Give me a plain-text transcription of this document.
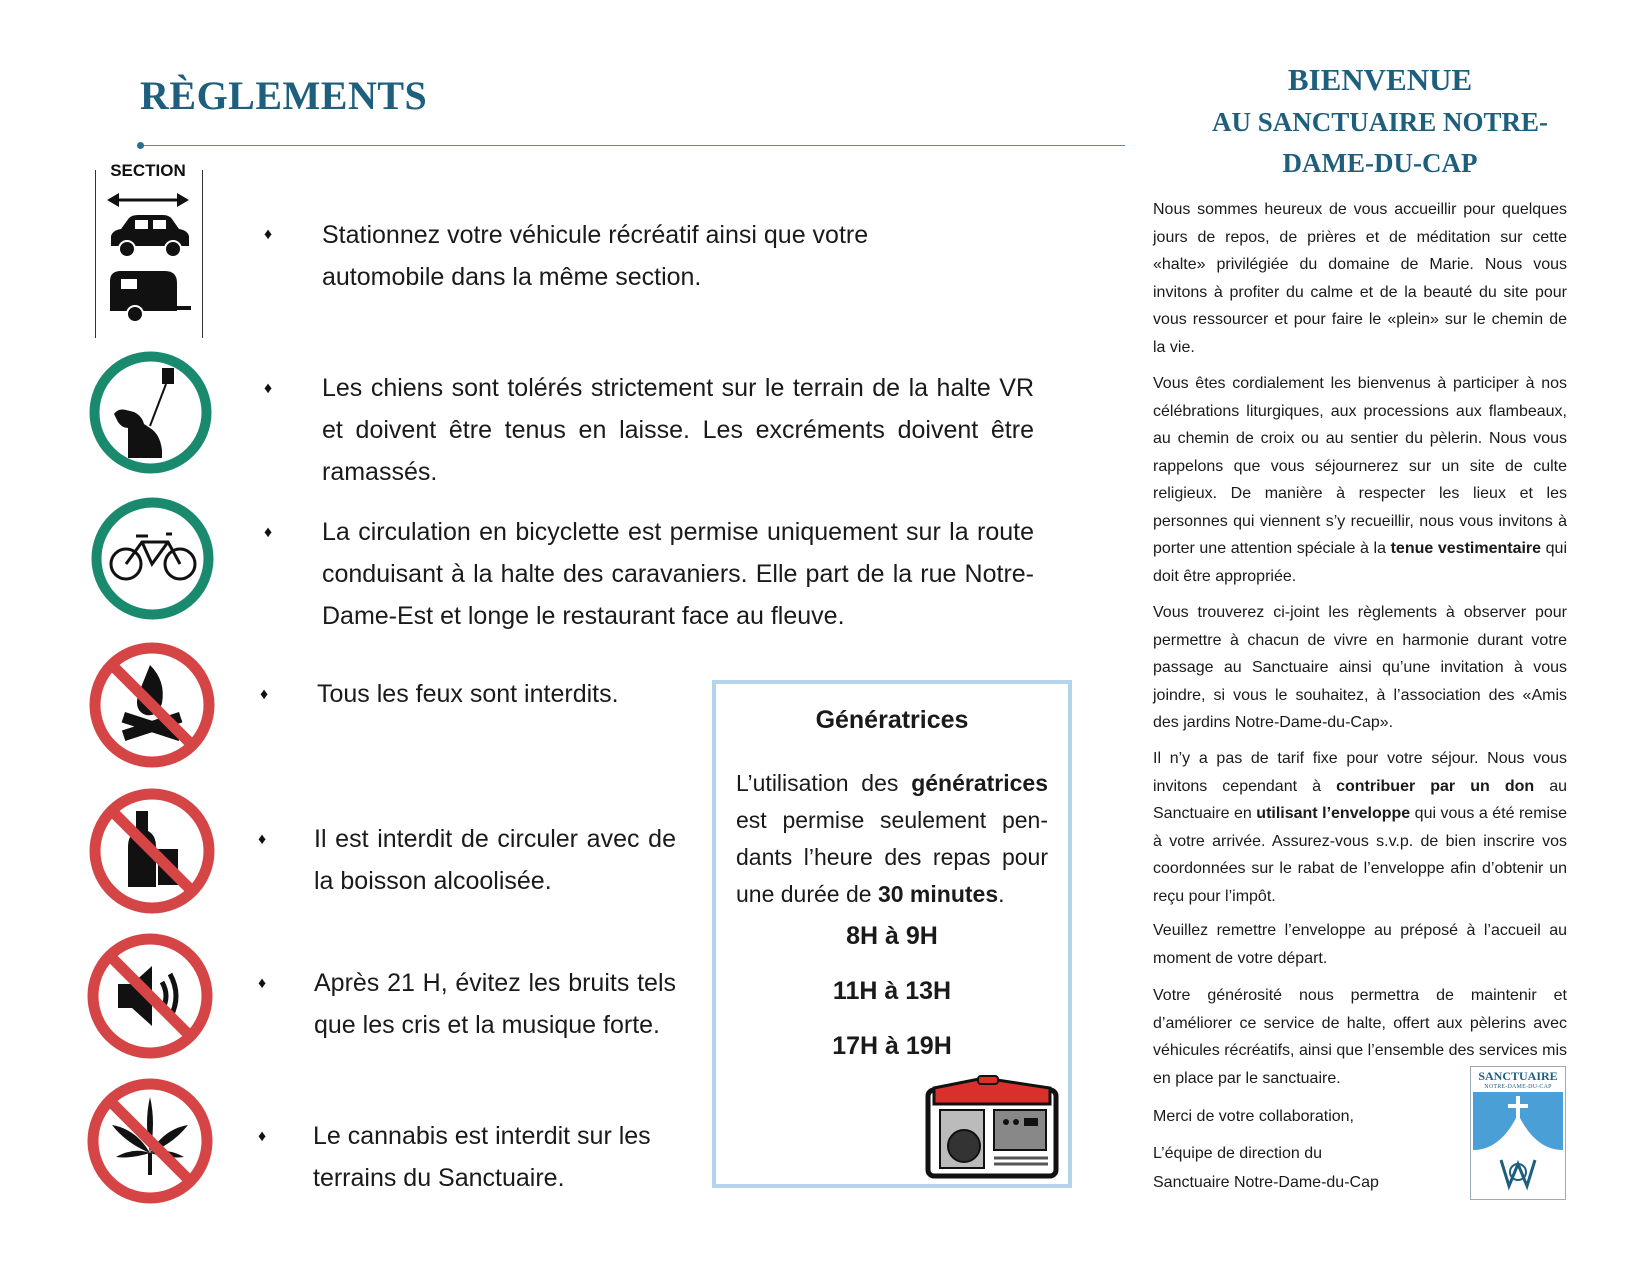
RÈGLEMENTS
SECTION
♦ Stationnez votre véhicule récréatif ainsi que votre automobile dans la même section.
♦ Les chiens sont tolérés strictement sur le terrain de la halte VR et doivent être tenus en laisse. Les excréments doivent être ramassés.
♦ La circulation en bicyclette est permise uniquement sur la route conduisant à la halte des caravaniers. Elle part de la rue Notre-Dame-Est et longe le restaurant face au fleuve.
♦ Tous les feux sont interdits.
♦ Il est interdit de circuler avec de la boisson alcoolisée.
♦ Après 21 H, évitez les bruits tels que les cris et la musique forte.
♦ Le cannabis est interdit sur les terrains du Sanctuaire.
Génératrices
L’utilisation des génératrices est permise seulement pendants l’heure des repas pour une durée de 30 minutes.
8H à 9H
11H à 13H
17H à 19H
BIENVENUE
AU SANCTUAIRE NOTRE-
DAME-DU-CAP
Nous sommes heureux de vous accueillir pour quelques jours de repos, de prières et de méditation sur cette «halte» privilégiée du domaine de Marie. Nous vous invitons à profiter du calme et de la beauté du site pour vous ressourcer et pour faire le «plein» sur le chemin de la vie.
Vous êtes cordialement les bienvenus à participer à nos célébrations liturgiques, aux processions aux flambeaux, au chemin de croix ou au sentier du pèlerin. Nous vous rappelons que vous séjournerez sur un site de culte religieux. De manière à respecter les lieux et les personnes qui viennent s’y recueillir, nous vous invitons à porter une attention spéciale à la tenue vestimentaire qui doit être appropriée.
Vous trouverez ci-joint les règlements à observer pour permettre à chacun de vivre en harmonie durant votre passage au Sanctuaire ainsi qu’une invitation à vous joindre, si vous le souhaitez, à l’association des «Amis des jardins Notre-Dame-du-Cap».
Il n’y a pas de tarif fixe pour votre séjour. Nous vous invitons cependant à contribuer par un don au Sanctuaire en utilisant l’enveloppe qui vous a été remise à votre arrivée. Assurez-vous s.v.p. de bien inscrire vos coordonnées sur le rabat de l’enveloppe afin d’obtenir un reçu pour l’impôt.
Veuillez remettre l’enveloppe au préposé à l’accueil au moment de votre départ.
Votre générosité nous permettra de maintenir et d’améliorer ce service de halte, offert aux pèlerins avec véhicules récréatifs, ainsi que l’ensemble des services mis en place par le sanctuaire.
Merci de votre collaboration,
L’équipe de direction du
Sanctuaire Notre-Dame-du-Cap
SANCTUAIRE
NOTRE-DAME-DU-CAP
